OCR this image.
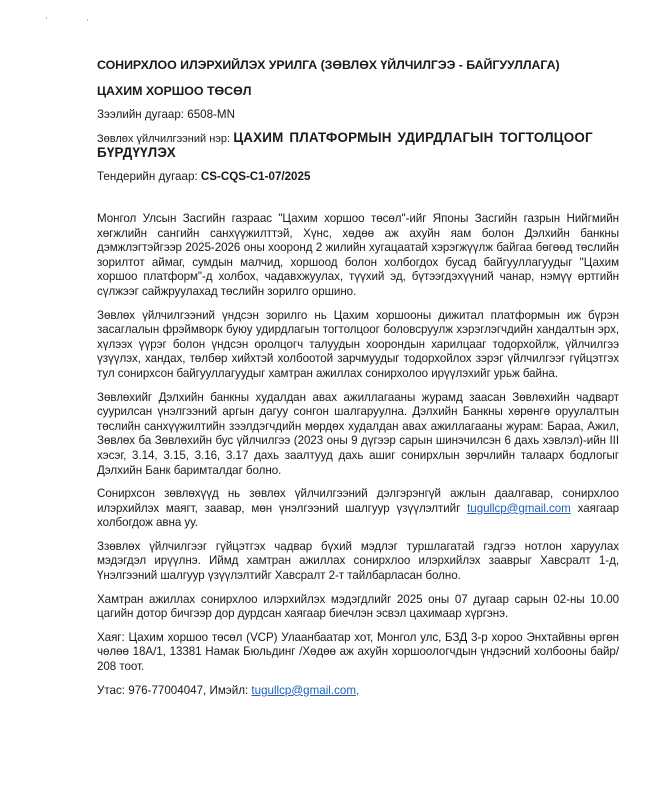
СОНИРХЛОО ИЛЭРХИЙЛЭХ УРИЛГА (ЗӨВЛӨХ ҮЙЛЧИЛГЭЭ - БАЙГУУЛЛАГА)
ЦАХИМ ХОРШОО ТӨСӨЛ
Зээлийн дугаар: 6508-MN
Зөвлөх үйлчилгээний нэр: ЦАХИМ ПЛАТФОРМЫН УДИРДЛАГЫН ТОГТОЛЦООГ БҮРДҮҮЛЭХ
Тендерийн дугаар: CS-CQS-C1-07/2025

Монгол Улсын Засгийн газраас "Цахим хоршоо төсөл"-ийг Японы Засгийн газрын Нийгмийн хөгжлийн сангийн санхүүжилттэй, Хүнс, хөдөө аж ахуйн яам болон Дэлхийн банкны дэмжлэгтэйгээр 2025-2026 оны хооронд 2 жилийн хугацаатай хэрэгжүүлж байгаа бөгөөд төслийн зорилтот аймаг, сумдын малчид, хоршоод болон холбогдох бусад байгууллагуудыг "Цахим хоршоо платформ"-д холбох, чадавхжуулах, түүхий эд, бүтээгдэхүүний чанар, нэмүү өртгийн сүлжээг сайжруулахад төслийн зорилго оршино.

Зөвлөх үйлчилгээний үндсэн зорилго нь Цахим хоршооны дижитал платформын иж бүрэн засаглалын фрэймворк буюу удирдлагын тогтолцоог боловсруулж хэрэглэгчдийн хандалтын эрх, хүлээх үүрэг болон үндсэн оролцогч талуудын хоорондын харилцааг тодорхойлж, үйлчилгээ үзүүлэх, хандах, төлбөр хийхтэй холбоотой зарчмуудыг тодорхойлох зэрэг үйлчилгээг гүйцэтгэх тул сонирхсон байгууллагуудыг хамтран ажиллах сонирхолоо ирүүлэхийг урьж байна.

Зөвлөхийг Дэлхийн банкны худалдан авах ажиллагааны журамд заасан Зөвлөхийн чадварт суурилсан үнэлгээний аргын дагуу сонгон шалгаруулна. Дэлхийн Банкны хөрөнгө оруулалтын төслийн санхүүжилтийн зээлдэгчдийн мөрдөх худалдан авах ажиллагааны журам: Бараа, Ажил, Зөвлөх ба Зөвлөхийн бус үйлчилгээ (2023 оны 9 дүгээр сарын шинэчилсэн 6 дахь хэвлэл)-ийн III хэсэг, 3.14, 3.15, 3.16, 3.17 дахь заалтууд дахь ашиг сонирхлын зөрчлийн талаарх бодлогыг Дэлхийн Банк баримталдаг болно.

Сонирхсон зөвлөхүүд нь зөвлөх үйлчилгээний дэлгэрэнгүй ажлын даалгавар, сонирхлоо илэрхийлэх маягт, заавар, мөн үнэлгээний шалгуур үзүүлэлтийг tugullcp@gmail.com хаягаар холбогдож авна уу.

Ззөвлөх үйлчилгээг гүйцэтгэх чадвар бүхий мэдлэг туршлагатай гэдгээ нотлон харуулах мэдэгдэл ирүүлнэ. Иймд хамтран ажиллах сонирхлоо илэрхийлэх зааврыг Хавсралт 1-д, Үнэлгээний шалгуур үзүүлэлтийг Хавсралт 2-т тайлбарласан болно.

Хамтран ажиллах сонирхлоо илэрхийлэх мэдэгдлийг 2025 оны 07 дугаар сарын 02-ны 10.00 цагийн дотор бичгээр дор дурдсан хаягаар биечлэн эсвэл цахимаар хүргэнэ.

Хаяг: Цахим хоршоо төсөл (VCP) Улаанбаатар хот, Монгол улс, БЗД 3-р хороо Энхтайвны өргөн чөлөө 18А/1, 13381 Намак Бюльдинг /Хөдөө аж ахуйн хоршоологчдын үндэсний холбооны байр/ 208 тоот.

Утас: 976-77004047, Имэйл: tugullcp@gmail.com,
